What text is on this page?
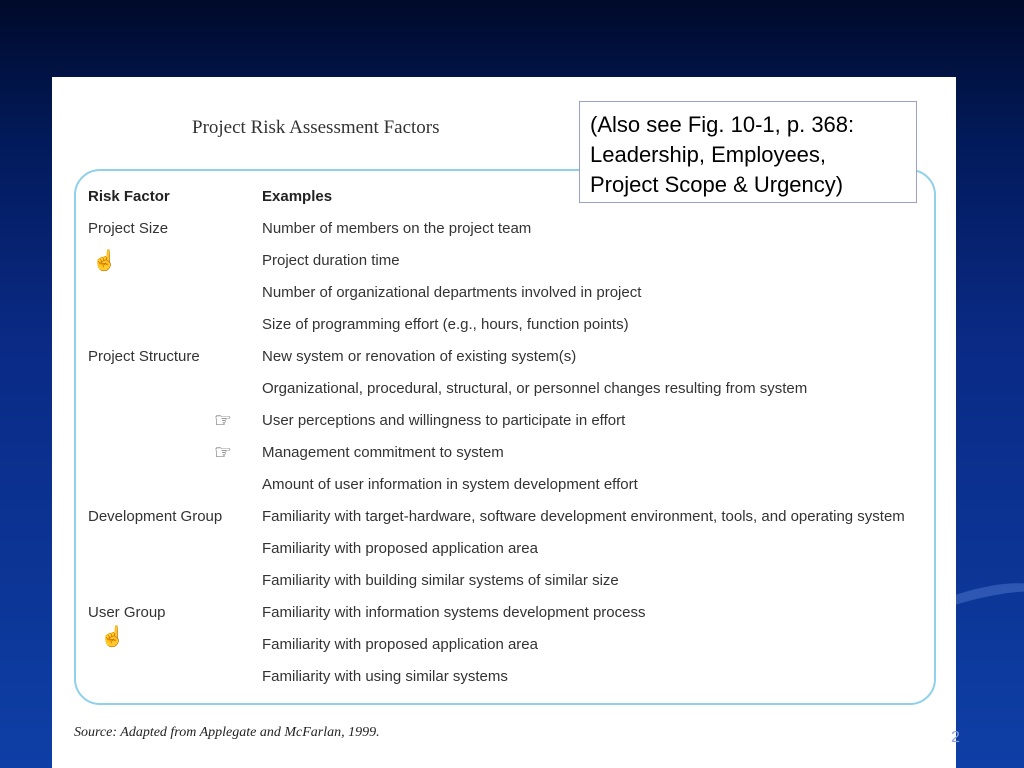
Project Risk Assessment Factors
Risk Factor	Examples
Project Size	Number of members on the project team
Project duration time
Number of organizational departments involved in project
Size of programming effort (e.g., hours, function points)
Project Structure	New system or renovation of existing system(s)
Organizational, procedural, structural, or personnel changes resulting from system
User perceptions and willingness to participate in effort
Management commitment to system
Amount of user information in system development effort
Development Group	Familiarity with target-hardware, software development environment, tools, and operating system
Familiarity with proposed application area
Familiarity with building similar systems of similar size
User Group	Familiarity with information systems development process
Familiarity with proposed application area
Familiarity with using similar systems
☝
☞
☞
☝
(Also see Fig. 10-1, p. 368:
Leadership, Employees,
Project Scope & Urgency)
Source: Adapted from Applegate and McFarlan, 1999.	2
